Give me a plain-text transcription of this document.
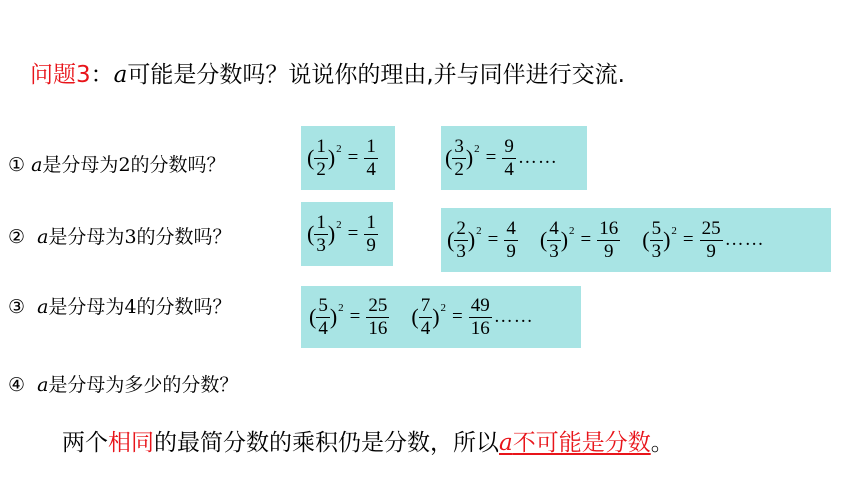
问题3：a可能是分数吗？说说你的理由,并与同伴进行交流.
① a是分母为2的分数吗？
② a是分母为3的分数吗？
③ a是分母为4的分数吗？
④ a是分母为多少的分数？
( $\frac{1}{2}$ ) $2 = \frac{1}{4}$	( $\frac{3}{2}$ ) $2 = \frac{9}{4}$ ……
( $\frac{1}{3}$ ) $2 = \frac{1}{9}$	( $\frac{2}{3}$ ) $2 = \frac{4}{9}$ ( $\frac{4}{3}$ ) $2 = \frac{16}{9}$ ( $\frac{5}{3}$ ) $2 = \frac{25}{9}$ ……
( $\frac{5}{4}$ ) $2 = \frac{25}{16}$ ( $\frac{7}{4}$ ) $2 = \frac{49}{16}$ ……
两个相同的最简分数的乘积仍是分数，所以a不可能是分数。
